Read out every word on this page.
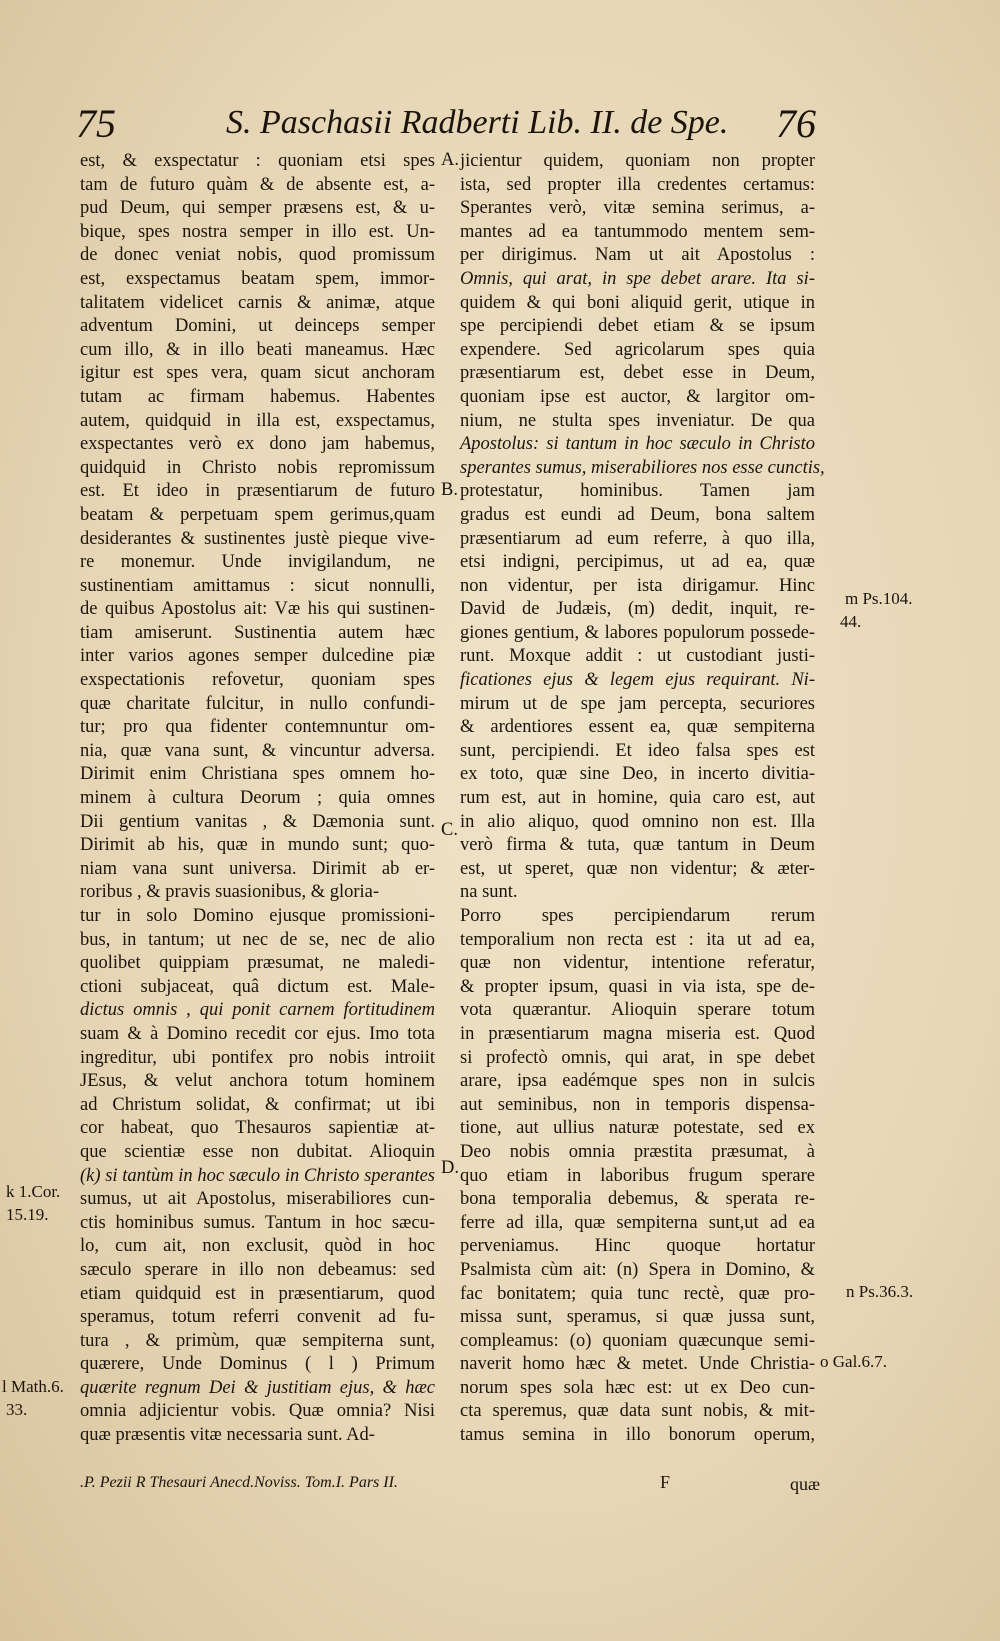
75	S. Paschasii Radberti Lib. II. de Spe. 76
est, & exspectatur : quoniam etsi spes
tam de futuro quàm & de absente est, a-
pud Deum, qui semper præsens est, & u-
bique, spes nostra semper in illo est. Un-
de donec veniat nobis, quod promissum
est, exspectamus beatam spem, immor-
talitatem videlicet carnis & animæ, atque
adventum Domini, ut deinceps semper
cum illo, & in illo beati maneamus. Hæc
igitur est spes vera, quam sicut anchoram
tutam ac firmam habemus. Habentes
autem, quidquid in illa est, exspectamus,
exspectantes verò ex dono jam habemus,
quidquid in Christo nobis repromissum
est. Et ideo in præsentiarum de futuro
beatam & perpetuam spem gerimus,quam
desiderantes & sustinentes justè pieque vive-
re monemur. Unde invigilandum, ne
sustinentiam amittamus : sicut nonnulli,
de quibus Apostolus ait: Væ his qui sustinen-
tiam amiserunt. Sustinentia autem hæc
inter varios agones semper dulcedine piæ
exspectationis refovetur, quoniam spes
quæ charitate fulcitur, in nullo confundi-
tur; pro qua fidenter contemnuntur om-
nia, quæ vana sunt, & vincuntur adversa.
Dirimit enim Christiana spes omnem ho-
minem à cultura Deorum ; quia omnes
Dii gentium vanitas , & Dæmonia sunt.
Dirimit ab his, quæ in mundo sunt; quo-
niam vana sunt universa. Dirimit ab er-
roribus , & pravis suasionibus, & gloria-
tur in solo Domino ejusque promissioni-
bus, in tantum; ut nec de se, nec de alio
quolibet quippiam præsumat, ne maledi-
ctioni subjaceat, quâ dictum est. Male-
dictus omnis , qui ponit carnem fortitudinem
suam & à Domino recedit cor ejus. Imo tota
ingreditur, ubi pontifex pro nobis introiit
JEsus, & velut anchora totum hominem
ad Christum solidat, & confirmat; ut ibi
cor habeat, quo Thesauros sapientiæ at-
que scientiæ esse non dubitat. Alioquin
(k) si tantùm in hoc sæculo in Christo sperantes
sumus, ut ait Apostolus, miserabiliores cun-
ctis hominibus sumus. Tantum in hoc sæcu-
lo, cum ait, non exclusit, quòd in hoc
sæculo sperare in illo non debeamus: sed
etiam quidquid est in præsentiarum, quod
speramus, totum referri convenit ad fu-
tura , & primùm, quæ sempiterna sunt,
quærere, Unde Dominus ( l ) Primum
quærite regnum Dei & justitiam ejus, & hæc
omnia adjicientur vobis. Quæ omnia? Nisi
quæ præsentis vitæ necessaria sunt. Ad-
jicientur quidem, quoniam non propter
ista, sed propter illa credentes certamus:
Sperantes verò, vitæ semina serimus, a-
mantes ad ea tantummodo mentem sem-
per dirigimus. Nam ut ait Apostolus :
Omnis, qui arat, in spe debet arare. Ita si-
quidem & qui boni aliquid gerit, utique in
spe percipiendi debet etiam & se ipsum
expendere. Sed agricolarum spes quia
præsentiarum est, debet esse in Deum,
quoniam ipse est auctor, & largitor om-
nium, ne stulta spes inveniatur. De qua
Apostolus: si tantum in hoc sæculo in Christo
sperantes sumus, miserabiliores nos esse cunctis,
protestatur, hominibus. Tamen jam
gradus est eundi ad Deum, bona saltem
præsentiarum ad eum referre, à quo illa,
etsi indigni, percipimus, ut ad ea, quæ
non videntur, per ista dirigamur. Hinc
David de Judæis, (m) dedit, inquit, re-
giones gentium, & labores populorum possede-
runt. Moxque addit : ut custodiant justi-
ficationes ejus & legem ejus requirant. Ni-
mirum ut de spe jam percepta, securiores
& ardentiores essent ea, quæ sempiterna
sunt, percipiendi. Et ideo falsa spes est
ex toto, quæ sine Deo, in incerto divitia-
rum est, aut in homine, quia caro est, aut
in alio aliquo, quod omnino non est. Illa
verò firma & tuta, quæ tantum in Deum
est, ut speret, quæ non videntur; & æter-
na sunt.
Porro spes percipiendarum rerum
temporalium non recta est : ita ut ad ea,
quæ non videntur, intentione referatur,
& propter ipsum, quasi in via ista, spe de-
vota quærantur. Alioquin sperare totum
in præsentiarum magna miseria est. Quod
si profectò omnis, qui arat, in spe debet
arare, ipsa eadémque spes non in sulcis
aut seminibus, non in temporis dispensa-
tione, aut ullius naturæ potestate, sed ex
Deo nobis omnia præstita præsumat, à
quo etiam in laboribus frugum sperare
bona temporalia debemus, & sperata re-
ferre ad illa, quæ sempiterna sunt,ut ad ea
perveniamus. Hinc quoque hortatur
Psalmista cùm ait: (n) Spera in Domino, &
fac bonitatem; quia tunc rectè, quæ pro-
missa sunt, speramus, si quæ jussa sunt,
compleamus: (o) quoniam quæcunque semi-
naverit homo hæc & metet. Unde Christia-
norum spes sola hæc est: ut ex Deo cun-
cta speremus, quæ data sunt nobis, & mit-
tamus semina in illo bonorum operum,
A.
B.
C.
D.
m Ps.104.
44.
n Ps.36.3.
o Gal.6.7.
k 1.Cor.
15.19.
l Math.6.
33.
.P. Pezii R Thesauri Anecd.Noviss. Tom.I. Pars II.	F	quæ
